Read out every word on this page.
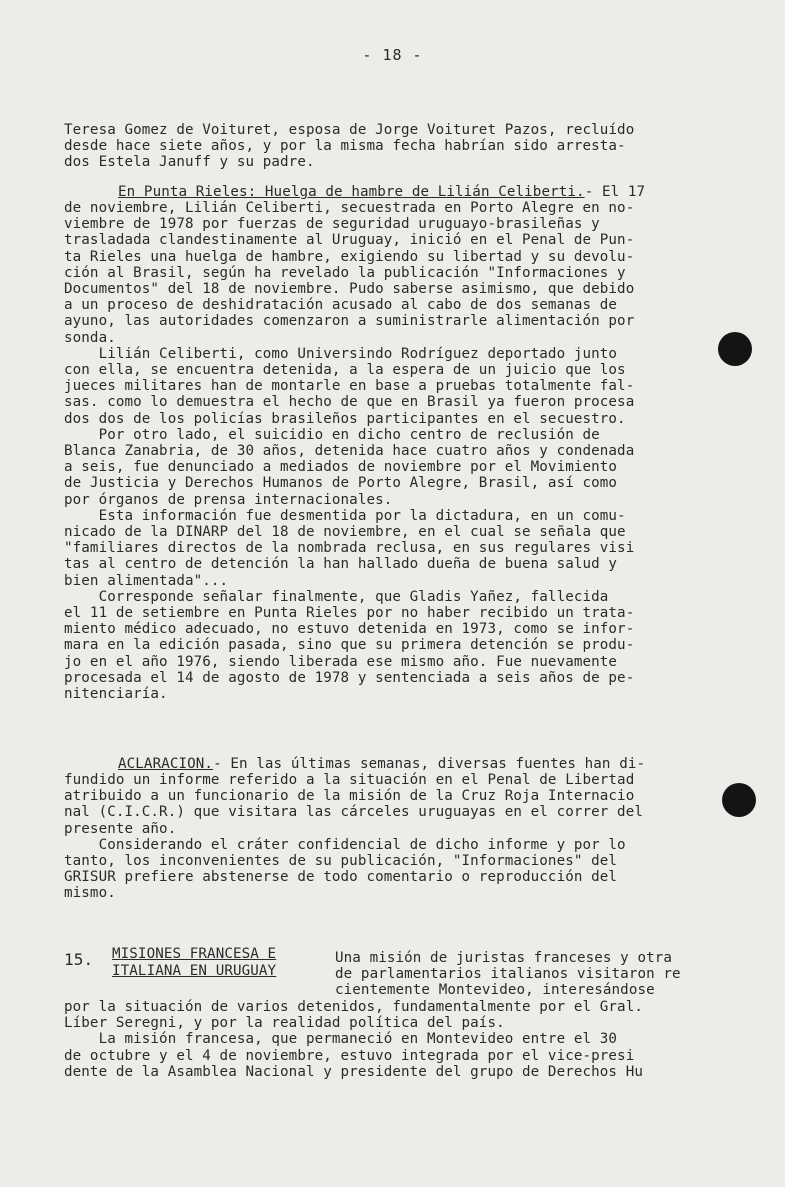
- 18 -
Teresa Gomez de Voituret, esposa de Jorge Voituret Pazos, recluído
desde hace siete años, y por la misma fecha habrían sido arresta-
dos Estela Januff y su padre.
En Punta Rieles: Huelga de hambre de Lilián Celiberti.- El 17
de noviembre, Lilián Celiberti, secuestrada en Porto Alegre en no-
viembre de 1978 por fuerzas de seguridad uruguayo-brasileñas y
trasladada clandestinamente al Uruguay, inició en el Penal de Pun-
ta Rieles una huelga de hambre, exigiendo su libertad y su devolu-
ción al Brasil, según ha revelado la publicación "Informaciones y
Documentos" del 18 de noviembre. Pudo saberse asimismo, que debido
a un proceso de deshidratación acusado al cabo de dos semanas de
ayuno, las autoridades comenzaron a suministrarle alimentación por
sonda.
Lilián Celiberti, como Universindo Rodríguez deportado junto
con ella, se encuentra detenida, a la espera de un juicio que los
jueces militares han de montarle en base a pruebas totalmente fal-
sas. como lo demuestra el hecho de que en Brasil ya fueron procesa
dos dos de los policías brasileños participantes en el secuestro.
Por otro lado, el suicidio en dicho centro de reclusión de
Blanca Zanabria, de 30 años, detenida hace cuatro años y condenada
a seis, fue denunciado a mediados de noviembre por el Movimiento
de Justicia y Derechos Humanos de Porto Alegre, Brasil, así como
por órganos de prensa internacionales.
Esta información fue desmentida por la dictadura, en un comu-
nicado de la DINARP del 18 de noviembre, en el cual se señala que
"familiares directos de la nombrada reclusa, en sus regulares visi
tas al centro de detención la han hallado dueña de buena salud y
bien alimentada"...
Corresponde señalar finalmente, que Gladis Yañez, fallecida
el 11 de setiembre en Punta Rieles por no haber recibido un trata-
miento médico adecuado, no estuvo detenida en 1973, como se infor-
mara en la edición pasada, sino que su primera detención se produ-
jo en el año 1976, siendo liberada ese mismo año. Fue nuevamente
procesada el 14 de agosto de 1978 y sentenciada a seis años de pe-
nitenciaría.
ACLARACION.- En las últimas semanas, diversas fuentes han di-
fundido un informe referido a la situación en el Penal de Libertad
atribuido a un funcionario de la misión de la Cruz Roja Internacio
nal (C.I.C.R.) que visitara las cárceles uruguayas en el correr del
presente año.
Considerando el cráter confidencial de dicho informe y por lo
tanto, los inconvenientes de su publicación, "Informaciones" del
GRISUR prefiere abstenerse de todo comentario o reproducción del
mismo.
15. MISIONES FRANCESA E
ITALIANA EN URUGUAY
Una misión de juristas franceses y otra
de parlamentarios italianos visitaron re
cientemente Montevideo, interesándose
por la situación de varios detenidos, fundamentalmente por el Gral.
Líber Seregni, y por la realidad política del país.
La misión francesa, que permaneció en Montevideo entre el 30
de octubre y el 4 de noviembre, estuvo integrada por el vice-presi
dente de la Asamblea Nacional y presidente del grupo de Derechos Hu
